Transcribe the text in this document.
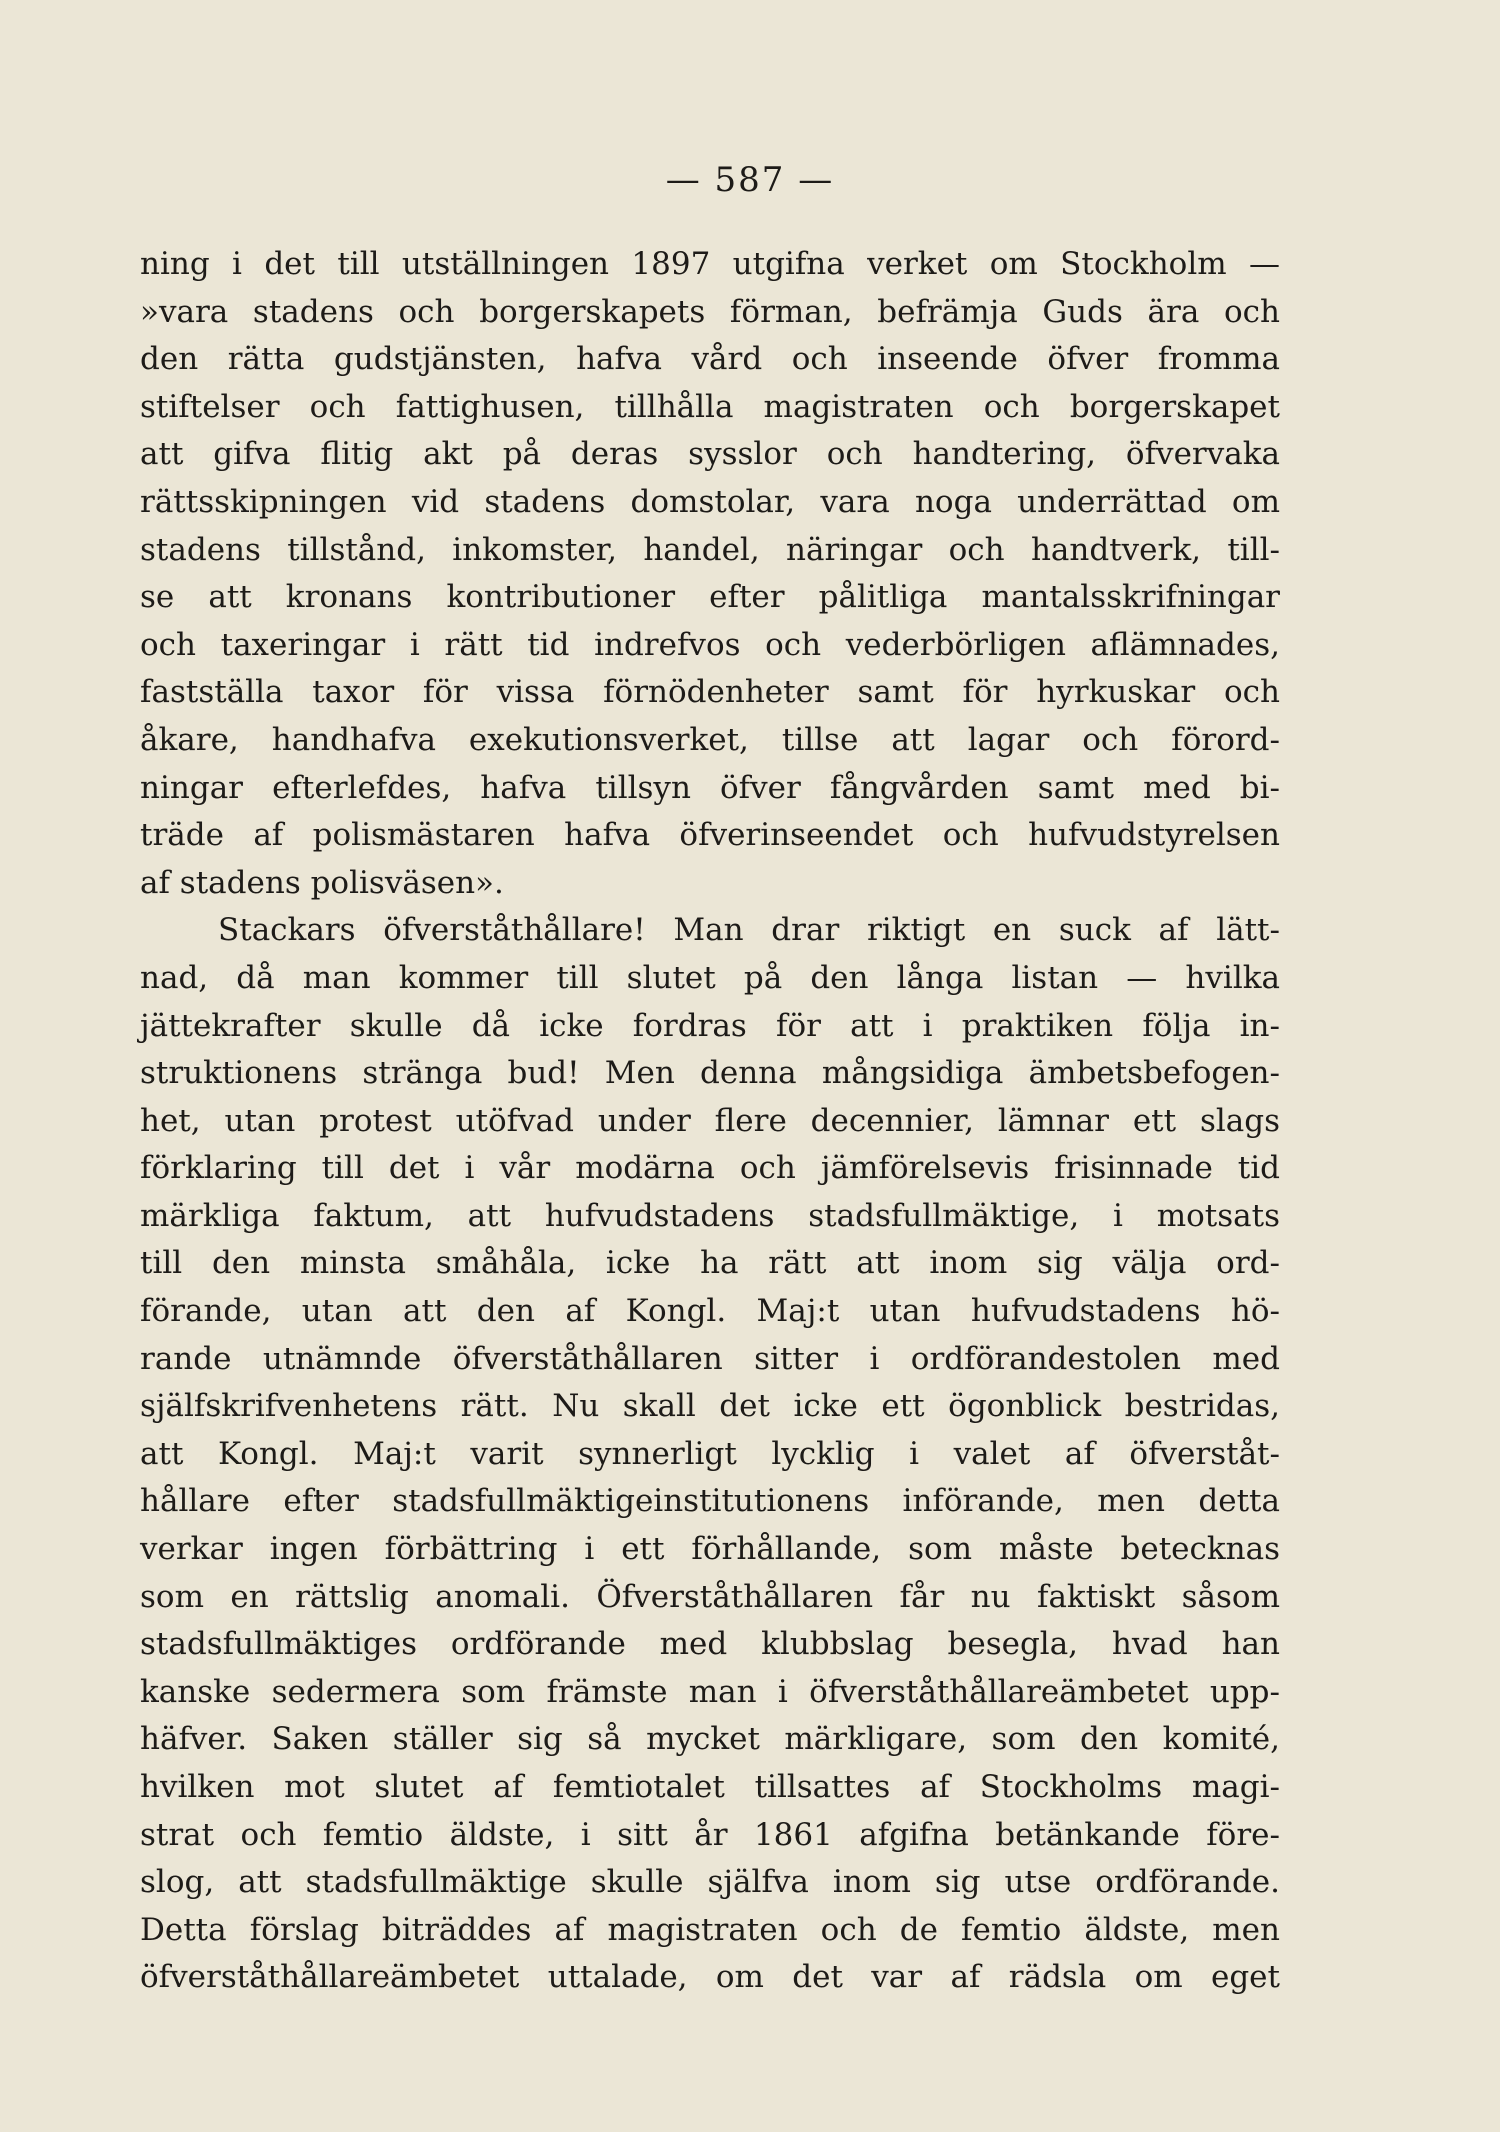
— 587 —
ning i det till utställningen 1897 utgifna verket om Stockholm —
»vara stadens och borgerskapets förman, befrämja Guds ära och
den rätta gudstjänsten, hafva vård och inseende öfver fromma
stiftelser och fattighusen, tillhålla magistraten och borgerskapet
att gifva flitig akt på deras sysslor och handtering, öfvervaka
rättsskipningen vid stadens domstolar, vara noga underrättad om
stadens tillstånd, inkomster, handel, näringar och handtverk, till-
se att kronans kontributioner efter pålitliga mantalsskrifningar
och taxeringar i rätt tid indrefvos och vederbörligen aflämnades,
fastställa taxor för vissa förnödenheter samt för hyrkuskar och
åkare, handhafva exekutionsverket, tillse att lagar och förord-
ningar efterlefdes, hafva tillsyn öfver fångvården samt med bi-
träde af polismästaren hafva öfverinseendet och hufvudstyrelsen
af stadens polisväsen».
Stackars öfverståthållare! Man drar riktigt en suck af lätt-
nad, då man kommer till slutet på den långa listan — hvilka
jättekrafter skulle då icke fordras för att i praktiken följa in-
struktionens stränga bud! Men denna mångsidiga ämbetsbefogen-
het, utan protest utöfvad under flere decennier, lämnar ett slags
förklaring till det i vår modärna och jämförelsevis frisinnade tid
märkliga faktum, att hufvudstadens stadsfullmäktige, i motsats
till den minsta småhåla, icke ha rätt att inom sig välja ord-
förande, utan att den af Kongl. Maj:t utan hufvudstadens hö-
rande utnämnde öfverståthållaren sitter i ordförandestolen med
själfskrifvenhetens rätt. Nu skall det icke ett ögonblick bestridas,
att Kongl. Maj:t varit synnerligt lycklig i valet af öfverståt-
hållare efter stadsfullmäktigeinstitutionens införande, men detta
verkar ingen förbättring i ett förhållande, som måste betecknas
som en rättslig anomali. Öfverståthållaren får nu faktiskt såsom
stadsfullmäktiges ordförande med klubbslag besegla, hvad han
kanske sedermera som främste man i öfverståthållareämbetet upp-
häfver. Saken ställer sig så mycket märkligare, som den komité,
hvilken mot slutet af femtiotalet tillsattes af Stockholms magi-
strat och femtio äldste, i sitt år 1861 afgifna betänkande före-
slog, att stadsfullmäktige skulle själfva inom sig utse ordförande.
Detta förslag biträddes af magistraten och de femtio äldste, men
öfverståthållareämbetet uttalade, om det var af rädsla om eget
